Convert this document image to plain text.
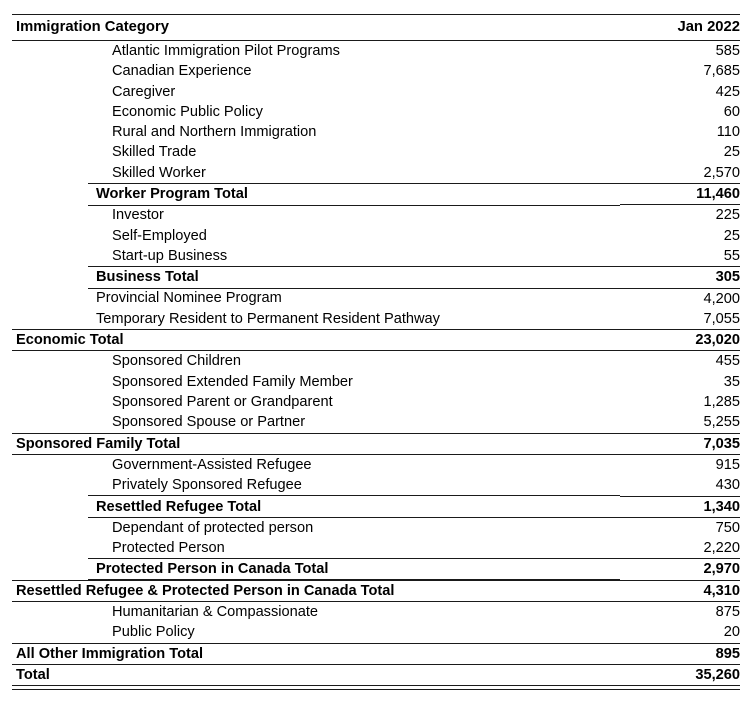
Immigration Category	Jan 2022
Atlantic Immigration Pilot Programs	585
Canadian Experience	7,685
Caregiver	425
Economic Public Policy	60
Rural and Northern Immigration	110
Skilled Trade	25
Skilled Worker	2,570
Worker Program Total	11,460
Investor	225
Self-Employed	25
Start-up Business	55
Business Total	305
Provincial Nominee Program	4,200
Temporary Resident to Permanent Resident Pathway	7,055
Economic Total	23,020
Sponsored Children	455
Sponsored Extended Family Member	35
Sponsored Parent or Grandparent	1,285
Sponsored Spouse or Partner	5,255
Sponsored Family Total	7,035
Government-Assisted Refugee	915
Privately Sponsored Refugee	430
Resettled Refugee Total	1,340
Dependant of protected person	750
Protected Person	2,220
Protected Person in Canada Total	2,970
Resettled Refugee & Protected Person in Canada Total	4,310
Humanitarian & Compassionate	875
Public Policy	20
All Other Immigration Total	895
Total	35,260
